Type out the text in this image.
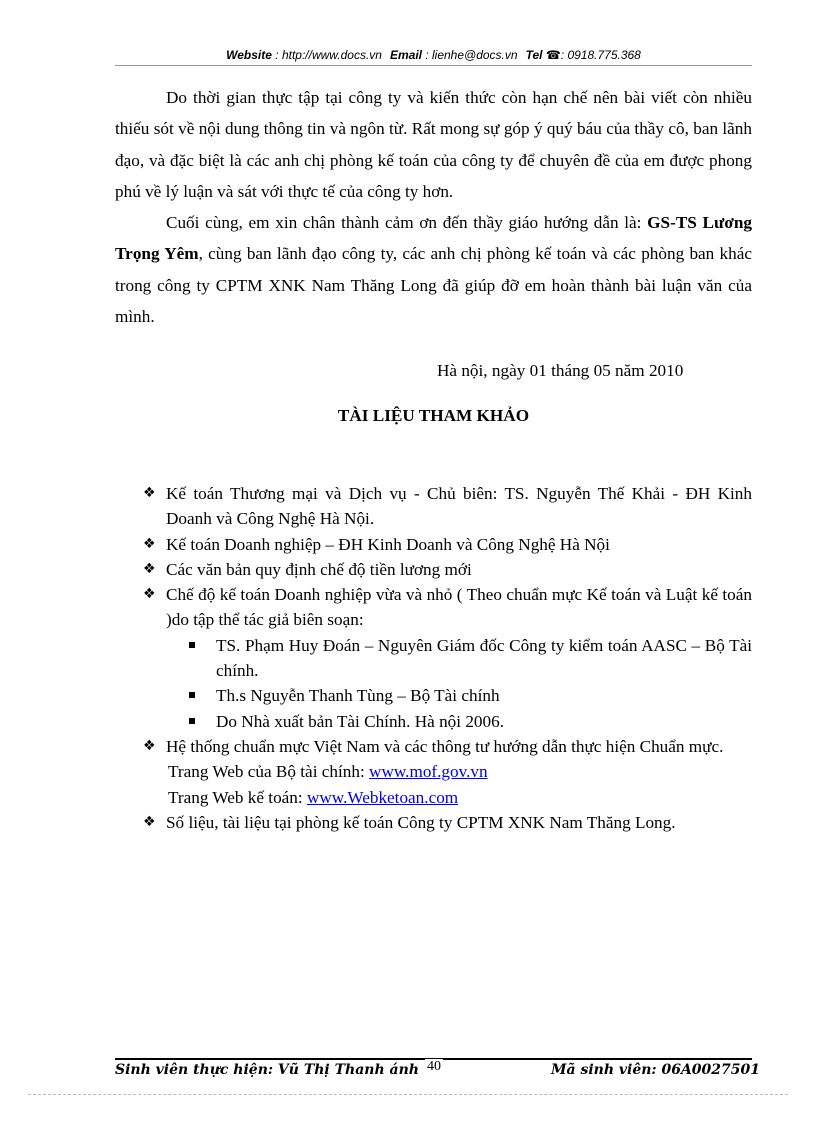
Website : http://www.docs.vn Email : lienhe@docs.vn Tel ☎: 0918.775.368

Do thời gian thực tập tại công ty và kiến thức còn hạn chế nên bài viết còn nhiều thiếu sót về nội dung thông tin và ngôn từ. Rất mong sự góp ý quý báu của thầy cô, ban lãnh đạo, và đặc biệt là các anh chị phòng kế toán của công ty để chuyên đề của em được phong phú về lý luận và sát với thực tế của công ty hơn.

Cuối cùng, em xin chân thành cảm ơn đến thầy giáo hướng dẫn là: GS-TS Lương Trọng Yêm, cùng ban lãnh đạo công ty, các anh chị phòng kế toán và các phòng ban khác trong công ty CPTM XNK Nam Thăng Long đã giúp đỡ em hoàn thành bài luận văn của mình.

Hà nội, ngày 01 tháng 05 năm 2010

TÀI LIỆU THAM KHẢO

❖ Kế toán Thương mại và Dịch vụ - Chủ biên: TS. Nguyễn Thế Khải - ĐH Kinh Doanh và Công Nghệ Hà Nội.
❖ Kế toán Doanh nghiệp – ĐH Kinh Doanh và Công Nghệ Hà Nội
❖ Các văn bản quy định chế độ tiền lương mới
❖ Chế độ kế toán Doanh nghiệp vừa và nhỏ ( Theo chuẩn mực Kế toán và Luật kế toán )do tập thể tác giả biên soạn:
TS. Phạm Huy Đoán – Nguyên Giám đốc Công ty kiểm toán AASC – Bộ Tài chính.
Th.s Nguyễn Thanh Tùng – Bộ Tài chính
Do Nhà xuất bản Tài Chính. Hà nội 2006.
❖ Hệ thống chuẩn mực Việt Nam và các thông tư hướng dẫn thực hiện Chuẩn mực.
Trang Web của Bộ tài chính: www.mof.gov.vn
Trang Web kế toán: www.Webketoan.com
❖ Số liệu, tài liệu tại phòng kế toán Công ty CPTM XNK Nam Thăng Long.
Sinh viên thực hiện: Vũ Thị Thanh ánh	Mã sinh viên: 06A0027501
40
